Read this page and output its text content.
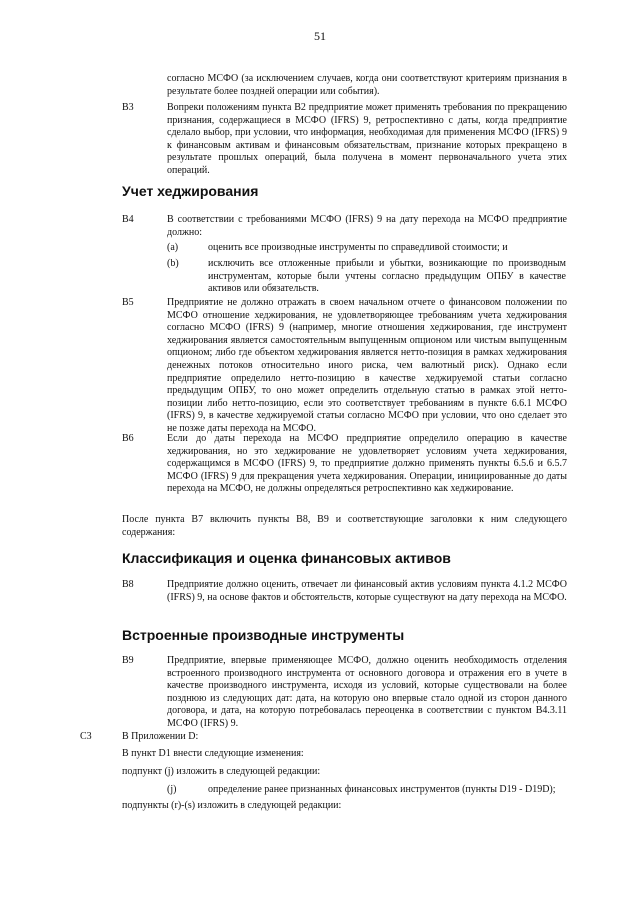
51
согласно МСФО (за исключением случаев, когда они соответствуют критериям признания в результате более поздней операции или события).
B3	Вопреки положениям пункта В2 предприятие может применять требования по прекращению признания, содержащиеся в МСФО (IFRS) 9, ретроспективно с даты, когда предприятие сделало выбор, при условии, что информация, необходимая для применения МСФО (IFRS) 9 к финансовым активам и финансовым обязательствам, признание которых прекращено в результате прошлых операций, была получена в момент первоначального учета этих операций.
Учет хеджирования
B4	В соответствии с требованиями МСФО (IFRS) 9 на дату перехода на МСФО предприятие должно:
(a)	оценить все производные инструменты по справедливой стоимости; и
(b)	исключить все отложенные прибыли и убытки, возникающие по производным инструментам, которые были учтены согласно предыдущим ОПБУ в качестве активов или обязательств.
B5	Предприятие не должно отражать в своем начальном отчете о финансовом положении по МСФО отношение хеджирования, не удовлетворяющее требованиям учета хеджирования согласно МСФО (IFRS) 9 (например, многие отношения хеджирования, где инструмент хеджирования является самостоятельным выпущенным опционом или чистым выпущенным опционом; либо где объектом хеджирования является нетто-позиция в рамках хеджирования денежных потоков относительно иного риска, чем валютный риск). Однако если предприятие определило нетто-позицию в качестве хеджируемой статьи согласно предыдущим ОПБУ, то оно может определить отдельную статью в рамках этой нетто-позиции либо нетто-позицию, если это соответствует требованиям в пункте 6.6.1 МСФО (IFRS) 9, в качестве хеджируемой статьи согласно МСФО при условии, что оно сделает это не позже даты перехода на МСФО.
B6	Если до даты перехода на МСФО предприятие определило операцию в качестве хеджирования, но это хеджирование не удовлетворяет условиям учета хеджирования, содержащимся в МСФО (IFRS) 9, то предприятие должно применять пункты 6.5.6 и 6.5.7 МСФО (IFRS) 9 для прекращения учета хеджирования. Операции, инициированные до даты перехода на МСФО, не должны определяться ретроспективно как хеджирование.
После пункта В7 включить пункты В8, В9 и соответствующие заголовки к ним следующего содержания:
Классификация и оценка финансовых активов
B8	Предприятие должно оценить, отвечает ли финансовый актив условиям пункта 4.1.2 МСФО (IFRS) 9, на основе фактов и обстоятельств, которые существуют на дату перехода на МСФО.
Встроенные производные инструменты
B9	Предприятие, впервые применяющее МСФО, должно оценить необходимость отделения встроенного производного инструмента от основного договора и отражения его в учете в качестве производного инструмента, исходя из условий, которые существовали на более позднюю из следующих дат: дата, на которую оно впервые стало одной из сторон данного договора, и дата, на которую потребовалась переоценка в соответствии с пунктом В4.3.11 МСФО (IFRS) 9.
C3	В Приложении D:
В пункт D1 внести следующие изменения:
подпункт (j) изложить в следующей редакции:
(j)	определение ранее признанных финансовых инструментов (пункты D19 - D19D);
подпункты (r)-(s) изложить в следующей редакции:
